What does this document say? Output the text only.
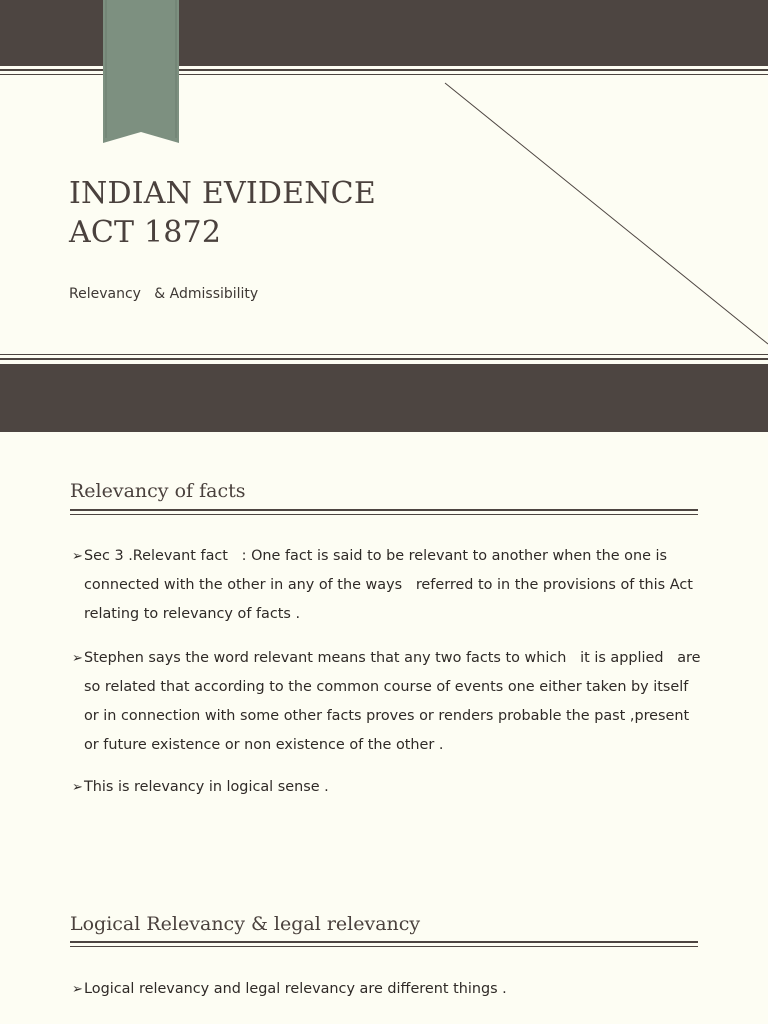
INDIAN EVIDENCE
ACT 1872
Relevancy   & Admissibility
Relevancy of facts
➢ Sec 3 .Relevant fact   : One fact is said to be relevant to another when the one is
connected with the other in any of the ways   referred to in the provisions of this Act
relating to relevancy of facts .
➢ Stephen says the word relevant means that any two facts to which   it is applied   are
so related that according to the common course of events one either taken by itself
or in connection with some other facts proves or renders probable the past ,present
or future existence or non existence of the other .
➢ This is relevancy in logical sense .
Logical Relevancy & legal relevancy
➢ Logical relevancy and legal relevancy are different things .
